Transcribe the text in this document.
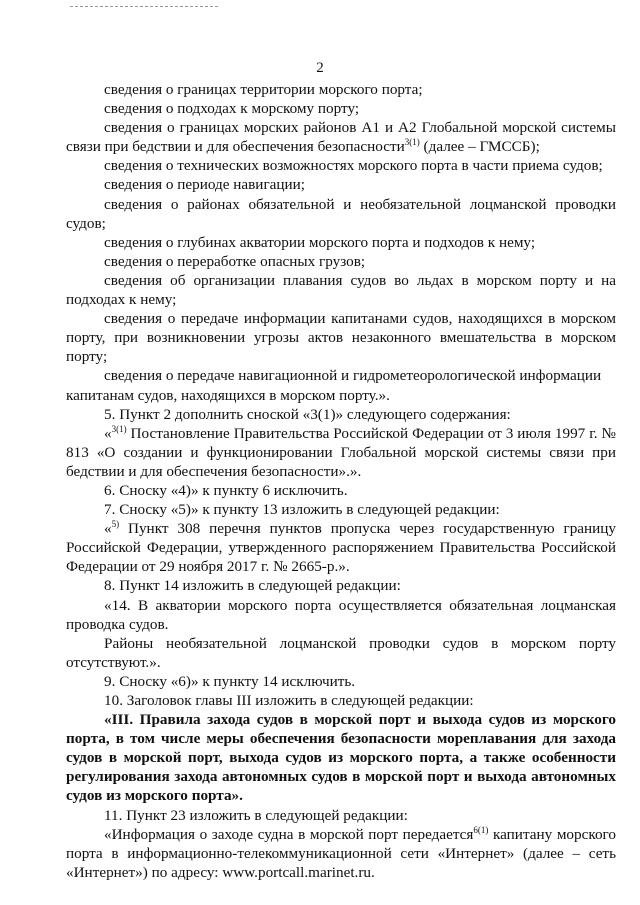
2

сведения о границах территории морского порта;

сведения о подходах к морскому порту;

сведения о границах морских районов А1 и А2 Глобальной морской системы связи при бедствии и для обеспечения безопасности$^{3(1)}$ (далее – ГМССБ);

сведения о технических возможностях морского порта в части приема судов;

сведения о периоде навигации;

сведения о районах обязательной и необязательной лоцманской проводки судов;

сведения о глубинах акватории морского порта и подходов к нему;

сведения о переработке опасных грузов;

сведения об организации плавания судов во льдах в морском порту и на подходах к нему;

сведения о передаче информации капитанами судов, находящихся в морском порту, при возникновении угрозы актов незаконного вмешательства в морском порту;

сведения о передаче навигационной и гидрометеорологической информации капитанам судов, находящихся в морском порту.».

5. Пункт 2 дополнить сноской «3(1)» следующего содержания:

«$^{3(1)}$ Постановление Правительства Российской Федерации от 3 июля 1997 г. № 813 «О создании и функционировании Глобальной морской системы связи при бедствии и для обеспечения безопасности».».

6. Сноску «4)» к пункту 6 исключить.

7. Сноску «5)» к пункту 13 изложить в следующей редакции:

«$^{5)}$ Пункт 308 перечня пунктов пропуска через государственную границу Российской Федерации, утвержденного распоряжением Правительства Российской Федерации от 29 ноября 2017 г. № 2665-р.».

8. Пункт 14 изложить в следующей редакции:

«14. В акватории морского порта осуществляется обязательная лоцманская проводка судов.

Районы необязательной лоцманской проводки судов в морском порту отсутствуют.».

9. Сноску «6)» к пункту 14 исключить.

10. Заголовок главы III изложить в следующей редакции:

«III. Правила захода судов в морской порт и выхода судов из морского порта, в том числе меры обеспечения безопасности мореплавания для захода судов в морской порт, выхода судов из морского порта, а также особенности регулирования захода автономных судов в морской порт и выхода автономных судов из морского порта».

11. Пункт 23 изложить в следующей редакции:

«Информация о заходе судна в морской порт передается$^{6(1)}$ капитану морского порта в информационно-телекоммуникационной сети «Интернет» (далее – сеть «Интернет») по адресу: www.portcall.marinet.ru.
